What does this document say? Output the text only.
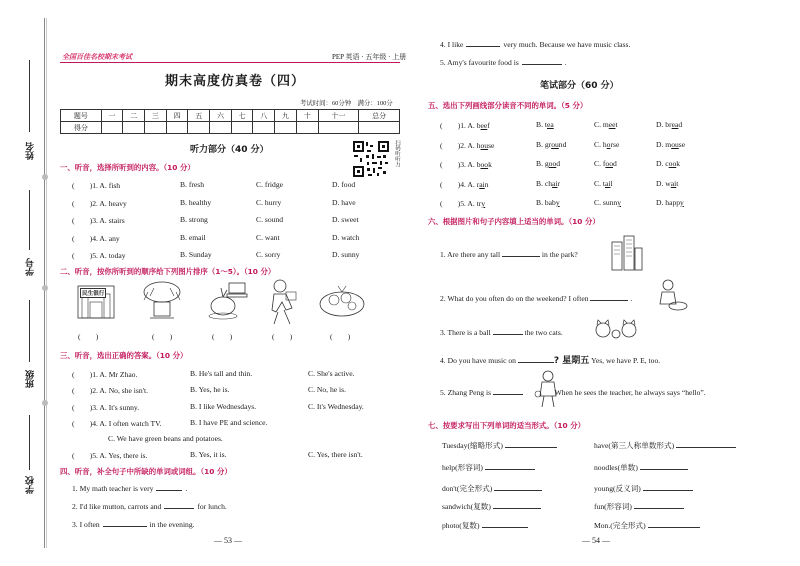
姓名
学号
班级
学校
全国百佳名校期末考试	PEP 英语 · 五年级 · 上册
期末高度仿真卷（四）
考试时间：60分钟　满分：100分
题号	一	二	三	四	五	六	七	八	九	十	十一	总分
得分												
扫码听听力
听力部分（40 分）
一、听音，选择所听到的内容。（10 分）
(　　)1. A. fish	B. fresh	C. fridge	D. food
(　　)2. A. heavy	B. healthy	C. hurry	D. have
(　　)3. A. stairs	B. strong	C. sound	D. sweet
(　　)4. A. any	B. email	C. want	D. watch
(　　)5. A. today	B. Sunday	C. sorry	D. sunny
二、听音，按你所听到的顺序给下列图片排序（1～5）。（10 分）
民生银行
(　　)	(　　)	(　　)	(　　)	(　　)
三、听音，选出正确的答案。（10 分）
(　　)1. A. Mr Zhao.	B. He's tall and thin.	C. She's active.
(　　)2. A. No, she isn't.	B. Yes, he is.	C. No, he is.
(　　)3. A. It's sunny.	B. I like Wednesdays.	C. It's Wednesday.
(　　)4. A. I often watch TV.	B. I have PE and science.
C. We have green beans and potatoes.
(　　)5. A. Yes, there is.	B. Yes, it is.	C. Yes, there isn't.
四、听音，补全句子中所缺的单词或词组。（10 分）
1. My math teacher is very	.
2. I'd like mutton, carrots and	for lunch.
3. I often	in the evening.
— 53 —
4. I like	very much. Because we have music class.
5. Amy's favourite food is	.
笔试部分（60 分）
五、选出下列画线部分读音不同的单词。（5 分）
(　　)1. A. beef	B. tea	C. meet	D. bread
(　　)2. A. house	B. ground	C. horse	D. mouse
(　　)3. A. book	B. good	C. food	D. cook
(　　)4. A. rain	B. chair	C. tail	D. wait
(　　)5. A. try	B. baby	C. sunny	D. happy
六、根据图片和句子内容填上适当的单词。（10 分）
1. Are there any tall	in the park?
2. What do you often do on the weekend? I often	.
3. There is a ball	the two cats.
4. Do you have music on	? 星期五 Yes, we have P. E, too.
5. Zhang Peng is	When he sees the teacher, he always says “hello”.
七、按要求写出下列单词的适当形式。（10 分）
Tuesday(缩略形式)	have(第三人称单数形式)
help(形容词)	noodles(单数)
don't(完全形式)	young(反义词)
sandwich(复数)	fun(形容词)
photo(复数)	Mon.(完全形式)
— 54 —
